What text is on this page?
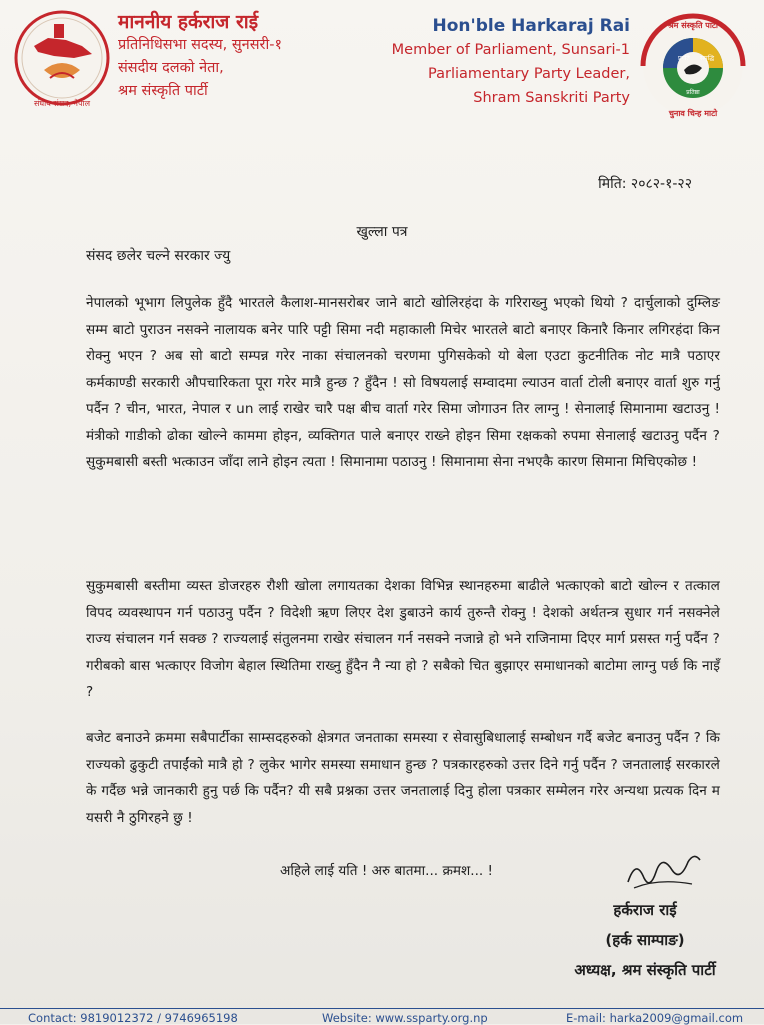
संघीय संसद, नेपाल
माननीय हर्कराज राई
प्रतिनिधिसभा सदस्य, सुनसरी-१
संसदीय दलको नेता,
श्रम संस्कृति पार्टी
Hon'ble Harkaraj Rai
Member of Parliament, Sunsari-1
Parliamentary Party Leader,
Shram Sanskriti Party
प्रगति समृद्धि
प्रतिष्ठा
श्रम संस्कृति पार्टी
चुनाव चिन्ह माटो
मिति: २०८२-१-२२
खुल्ला पत्र
संसद छलेर चल्ने सरकार ज्यु
नेपालको भूभाग लिपुलेक हुँदै भारतले कैलाश-मानसरोबर जाने बाटो खोलिरहंदा के गरिराख्नु भएको थियो ? दार्चुलाको दुम्लिङ सम्म बाटो पुराउन नसक्ने नालायक बनेर पारि पट्टी सिमा नदी महाकाली मिचेर भारतले बाटो बनाएर किनारै किनार लगिरहंदा किन रोक्नु भएन ? अब सो बाटो सम्पन्न गरेर नाका संचालनको चरणमा पुगिसकेको यो बेला एउटा कुटनीतिक नोट मात्रै पठाएर कर्मकाण्डी सरकारी औपचारिकता पूरा गरेर मात्रै हुन्छ ? हुँदैन ! सो विषयलाई सम्वादमा ल्याउन वार्ता टोली बनाएर वार्ता शुरु गर्नु पर्दैन ? चीन, भारत, नेपाल र un लाई राखेर चारै पक्ष बीच वार्ता गरेर सिमा जोगाउन तिर लाग्नु ! सेनालाई सिमानामा खटाउनु ! मंत्रीको गाडीको ढोका खोल्ने काममा होइन, व्यक्तिगत पाले बनाएर राख्ने होइन सिमा रक्षकको रुपमा सेनालाई खटाउनु पर्दैन ? सुकुमबासी बस्ती भत्काउन जाँदा लाने होइन त्यता ! सिमानामा पठाउनु ! सिमानामा सेना नभएकै कारण सिमाना मिचिएकोछ !
सुकुमबासी बस्तीमा व्यस्त डोजरहरु रौशी खोला लगायतका देशका विभिन्न स्थानहरुमा बाढीले भत्काएको बाटो खोल्न र तत्काल विपद व्यवस्थापन गर्न पठाउनु पर्दैन ? विदेशी ऋण लिएर देश डुबाउने कार्य तुरुन्तै रोक्नु ! देशको अर्थतन्त्र सुधार गर्न नसक्नेले राज्य संचालन गर्न सक्छ ? राज्यलाई संतुलनमा राखेर संचालन गर्न नसक्ने नजान्ने हो भने राजिनामा दिएर मार्ग प्रसस्त गर्नु पर्दैन ? गरीबको बास भत्काएर विजोग बेहाल स्थितिमा राख्नु हुँदैन नै न्या हो ? सबैको चित बुझाएर समाधानको बाटोमा लाग्नु पर्छ कि नाइँ ?
बजेट बनाउने क्रममा सबैपार्टीका साम्सदहरुको क्षेत्रगत जनताका समस्या र सेवासुबिधालाई सम्बोधन गर्दै बजेट बनाउनु पर्दैन ? कि राज्यको ढुकुटी तपाईंको मात्रै हो ? लुकेर भागेर समस्या समाधान हुन्छ ? पत्रकारहरुको उत्तर दिने गर्नु पर्दैन ? जनतालाई सरकारले के गर्दैछ भन्ने जानकारी हुनु पर्छ कि पर्दैन? यी सबै प्रश्नका उत्तर जनतालाई दिनु होला पत्रकार सम्मेलन गरेर अन्यथा प्रत्यक दिन म यसरी नै ठुगिरहने छु !
अहिले लाई यति ! अरु बातमा... क्रमश... !
हर्कराज राई
(हर्क साम्पाङ)
अध्यक्ष, श्रम संस्कृति पार्टी
Contact: 9819012372 / 9746965198	Website: www.ssparty.org.np	E-mail: harka2009@gmail.com
